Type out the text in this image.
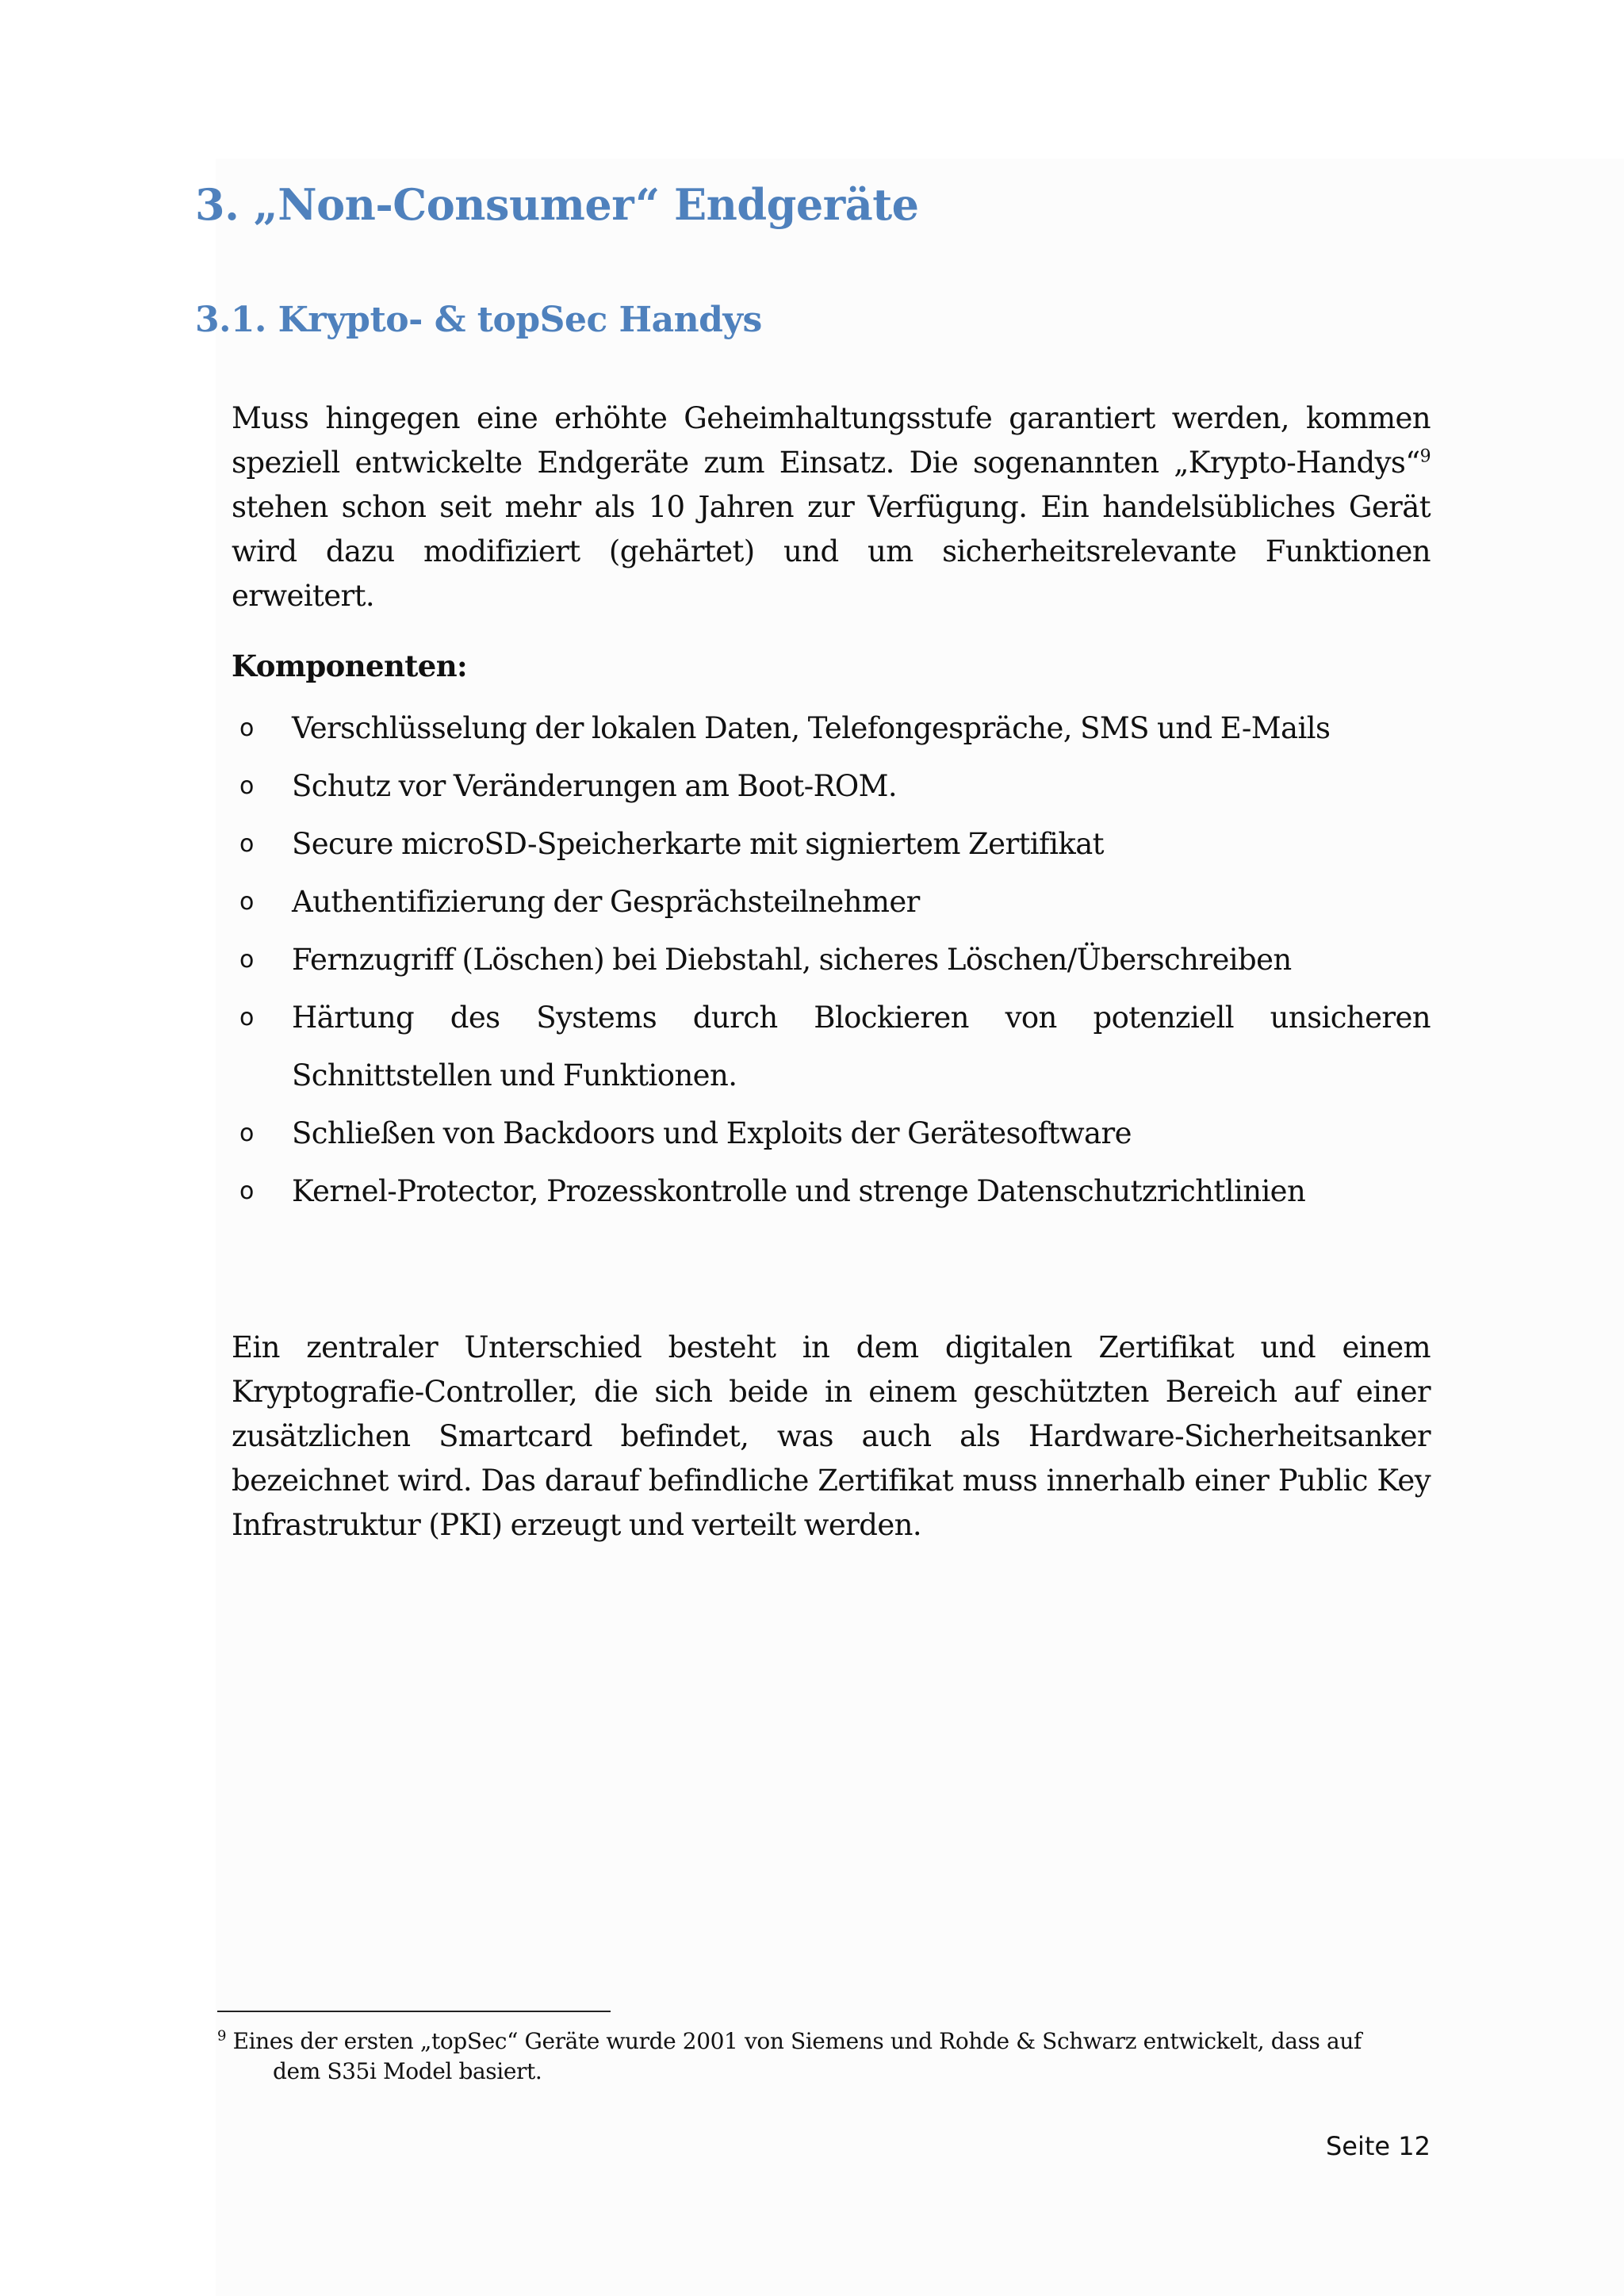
3. „Non-Consumer“ Endgeräte
3.1. Krypto- & topSec Handys

Muss hingegen eine erhöhte Geheimhaltungsstufe garantiert werden, kommen speziell entwickelte Endgeräte zum Einsatz. Die sogenannten „Krypto-Handys“$^9$ stehen schon seit mehr als 10 Jahren zur Verfügung. Ein handelsübliches Gerät wird dazu modifiziert (gehärtet) und um sicherheitsrelevante Funktionen erweitert.

Komponenten:

o Verschlüsselung der lokalen Daten, Telefongespräche, SMS und E-Mails
o Schutz vor Veränderungen am Boot-ROM.
o Secure microSD-Speicherkarte mit signiertem Zertifikat
o Authentifizierung der Gesprächsteilnehmer
o Fernzugriff (Löschen) bei Diebstahl, sicheres Löschen/Überschreiben
o Härtung des Systems durch Blockieren von potenziell unsicheren Schnittstellen und Funktionen.
o Schließen von Backdoors und Exploits der Gerätesoftware
o Kernel-Protector, Prozesskontrolle und strenge Datenschutzrichtlinien

Ein zentraler Unterschied besteht in dem digitalen Zertifikat und einem Kryptografie-Controller, die sich beide in einem geschützten Bereich auf einer zusätzlichen Smartcard befindet, was auch als Hardware-Sicherheitsanker bezeichnet wird. Das darauf befindliche Zertifikat muss innerhalb einer Public Key Infrastruktur (PKI) erzeugt und verteilt werden.

$^9$ Eines der ersten „topSec“ Geräte wurde 2001 von Siemens und Rohde & Schwarz entwickelt, dass auf
dem S35i Model basiert.

Seite 12
